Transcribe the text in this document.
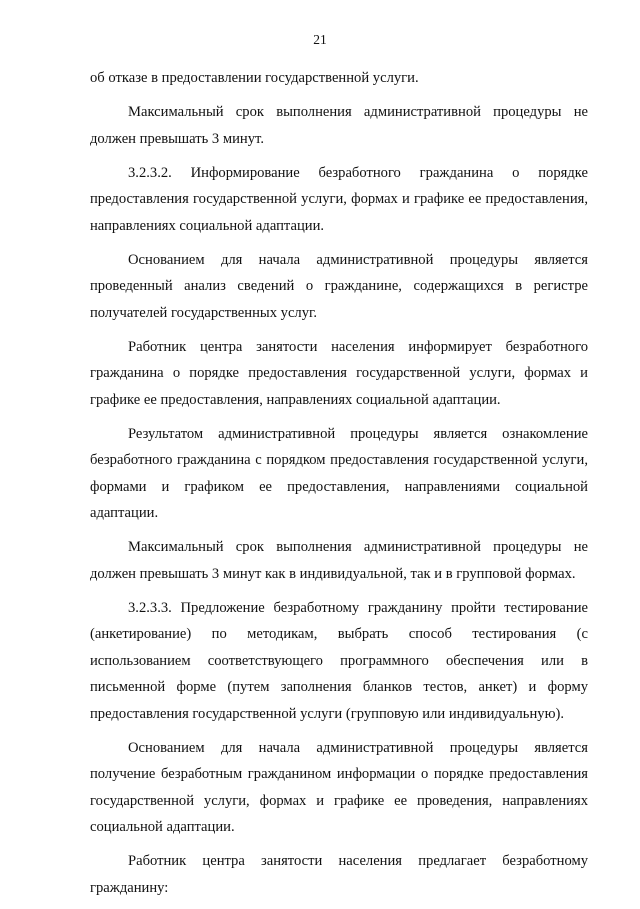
21

об отказе в предоставлении государственной услуги.

Максимальный срок выполнения административной процедуры не должен превышать 3 минут.

3.2.3.2. Информирование безработного гражданина о порядке предоставления государственной услуги, формах и графике ее предоставления, направлениях социальной адаптации.

Основанием для начала административной процедуры является проведенный анализ сведений о гражданине, содержащихся в регистре получателей государственных услуг.

Работник центра занятости населения информирует безработного гражданина о порядке предоставления государственной услуги, формах и графике ее предоставления, направлениях социальной адаптации.

Результатом административной процедуры является ознакомление безработного гражданина с порядком предоставления государственной услуги, формами и графиком ее предоставления, направлениями социальной адаптации.

Максимальный срок выполнения административной процедуры не должен превышать 3 минут как в индивидуальной, так и в групповой формах.

3.2.3.3. Предложение безработному гражданину пройти тестирование (анкетирование) по методикам, выбрать способ тестирования (с использованием соответствующего программного обеспечения или в письменной форме (путем заполнения бланков тестов, анкет) и форму предоставления государственной услуги (групповую или индивидуальную).

Основанием для начала административной процедуры является получение безработным гражданином информации о порядке предоставления государственной услуги, формах и графике ее проведения, направлениях социальной адаптации.

Работник центра занятости населения предлагает безработному гражданину:
